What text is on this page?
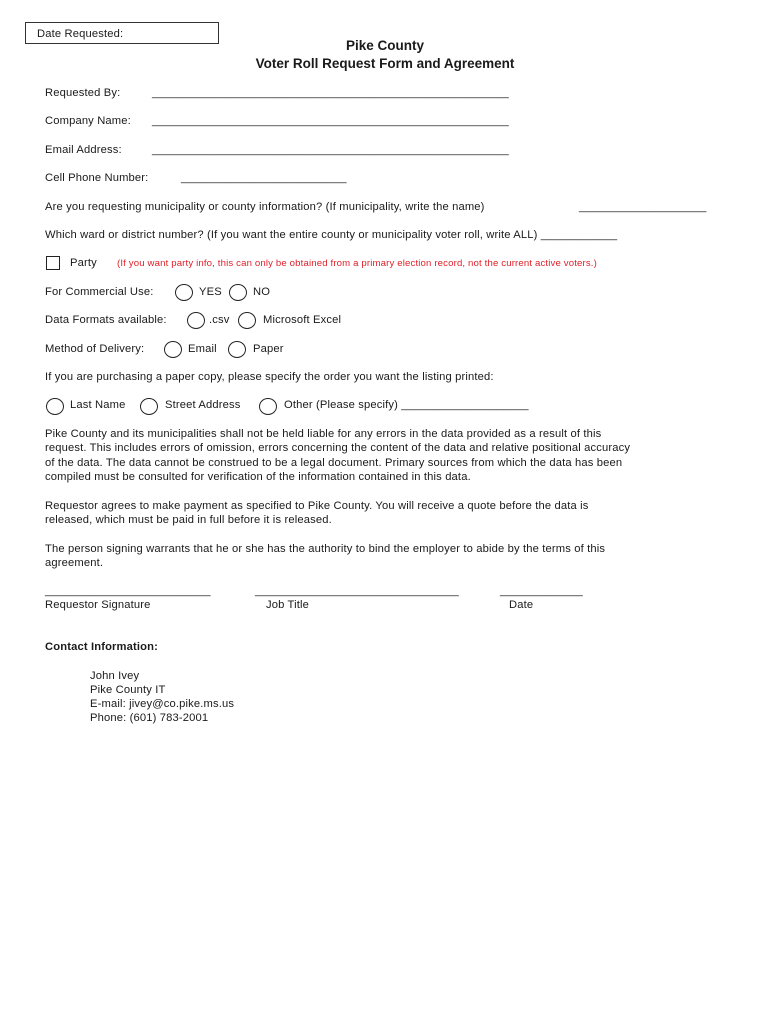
Date Requested:
Pike County
Voter Roll Request Form and Agreement
Requested By:	________________________________________________________
Company Name: ________________________________________________________
Email Address:	________________________________________________________
Cell Phone Number:	__________________________
Are you requesting municipality or county information? (If municipality, write the name)	____________________
Which ward or district number? (If you want the entire county or municipality voter roll, write ALL) ____________
Party (If you want party info, this can only be obtained from a primary election record, not the current active voters.)
For Commercial Use:	YES	NO
Data Formats available:	.csv	Microsoft Excel
Method of Delivery:	Email	Paper
If you are purchasing a paper copy, please specify the order you want the listing printed:
Last Name	Street Address	Other (Please specify) ____________________
Pike County and its municipalities shall not be held liable for any errors in the data provided as a result of this
request. This includes errors of omission, errors concerning the content of the data and relative positional accuracy
of the data. The data cannot be construed to be a legal document. Primary sources from which the data has been
compiled must be consulted for verification of the information contained in this data.
Requestor agrees to make payment as specified to Pike County. You will receive a quote before the data is
released, which must be paid in full before it is released.
The person signing warrants that he or she has the authority to bind the employer to abide by the terms of this
agreement.
__________________________	________________________________	_____________
Requestor Signature	Job Title	Date
Contact Information:
John Ivey
Pike County IT
E-mail: jivey@co.pike.ms.us
Phone: (601) 783-2001
